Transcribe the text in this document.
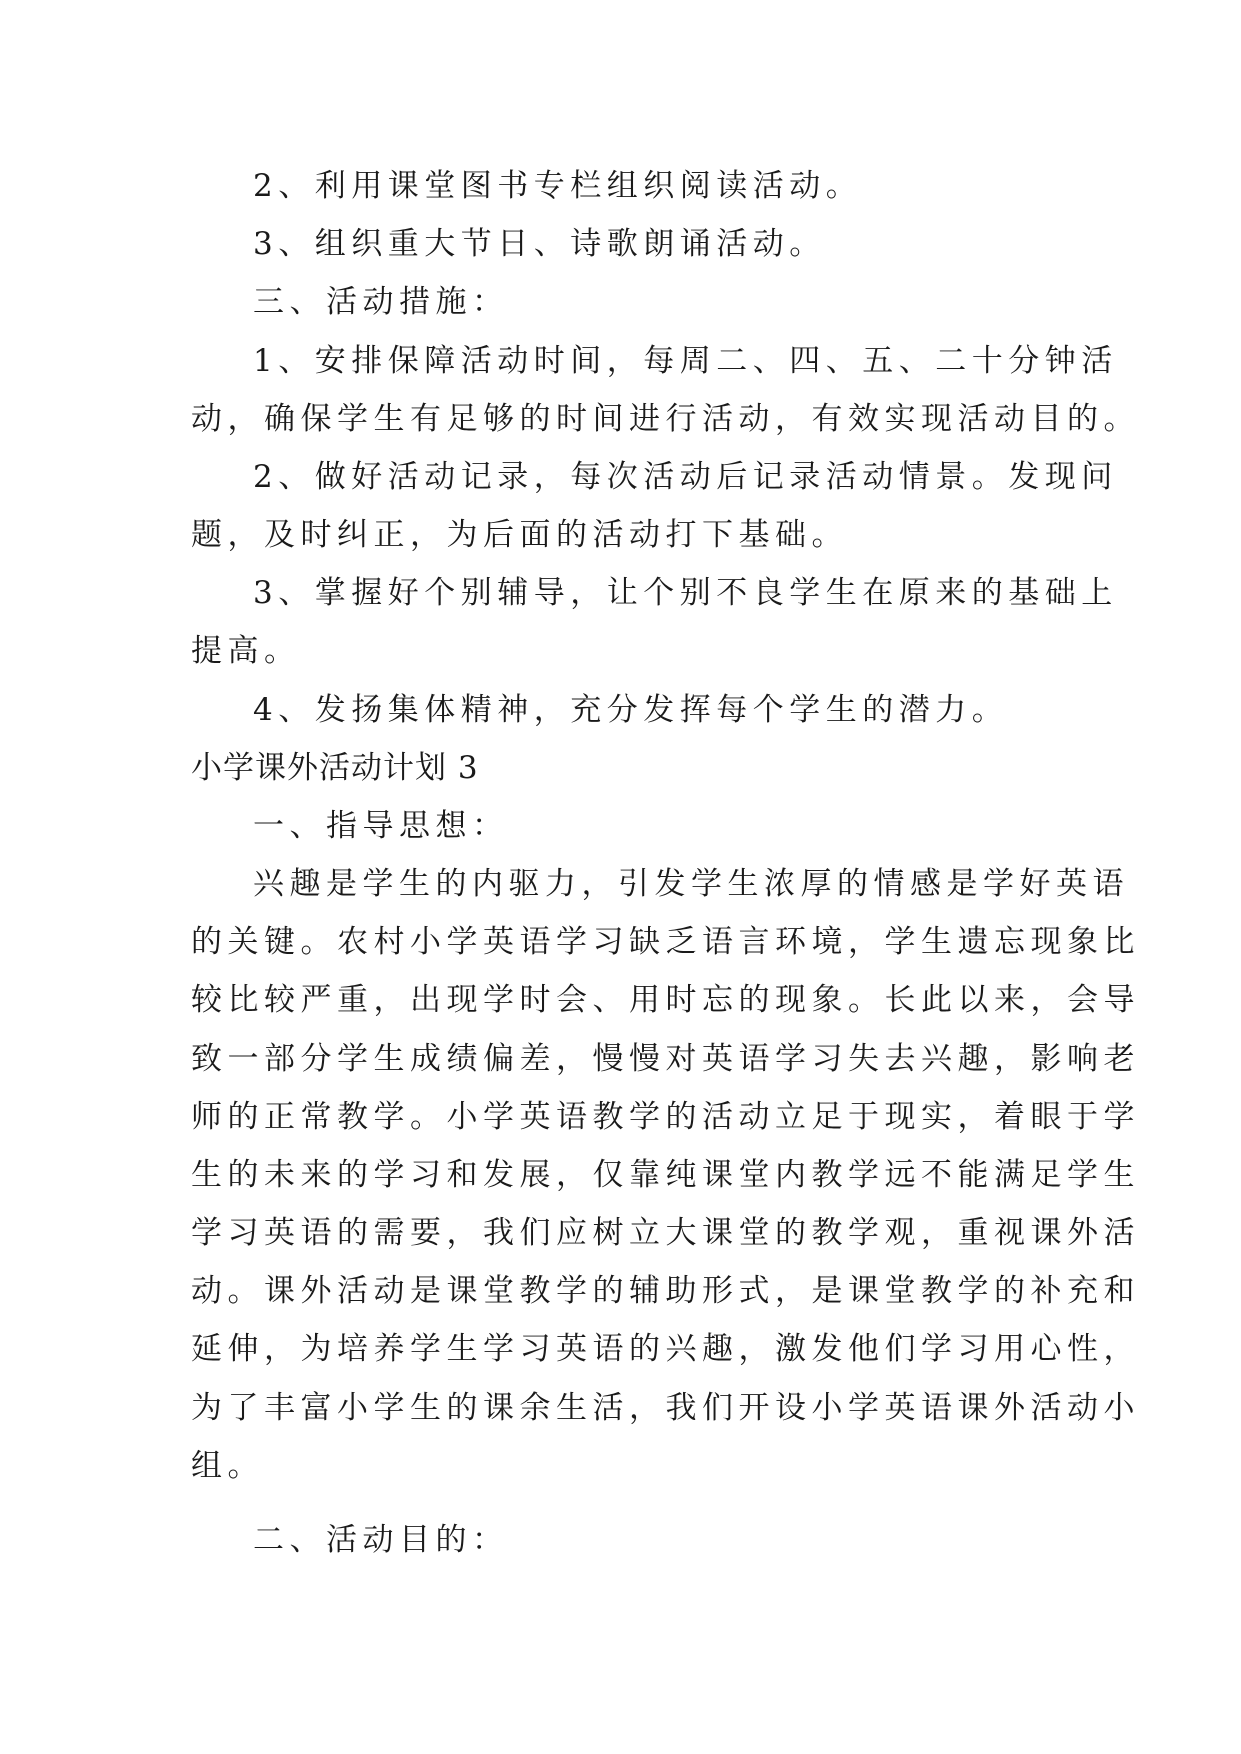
2、利用课堂图书专栏组织阅读活动。
3、组织重大节日、诗歌朗诵活动。
三、活动措施：
1、安排保障活动时间，每周二、四、五、二十分钟活
动，确保学生有足够的时间进行活动，有效实现活动目的。
2、做好活动记录，每次活动后记录活动情景。发现问
题，及时纠正，为后面的活动打下基础。
3、掌握好个别辅导，让个别不良学生在原来的基础上
提高。
4、发扬集体精神，充分发挥每个学生的潜力。
小学课外活动计划 3
一、指导思想：
兴趣是学生的内驱力，引发学生浓厚的情感是学好英语
的关键。农村小学英语学习缺乏语言环境，学生遗忘现象比
较比较严重，出现学时会、用时忘的现象。长此以来，会导
致一部分学生成绩偏差，慢慢对英语学习失去兴趣，影响老
师的正常教学。小学英语教学的活动立足于现实，着眼于学
生的未来的学习和发展，仅靠纯课堂内教学远不能满足学生
学习英语的需要，我们应树立大课堂的教学观，重视课外活
动。课外活动是课堂教学的辅助形式，是课堂教学的补充和
延伸，为培养学生学习英语的兴趣，激发他们学习用心性，
为了丰富小学生的课余生活，我们开设小学英语课外活动小
组。
二、活动目的：
